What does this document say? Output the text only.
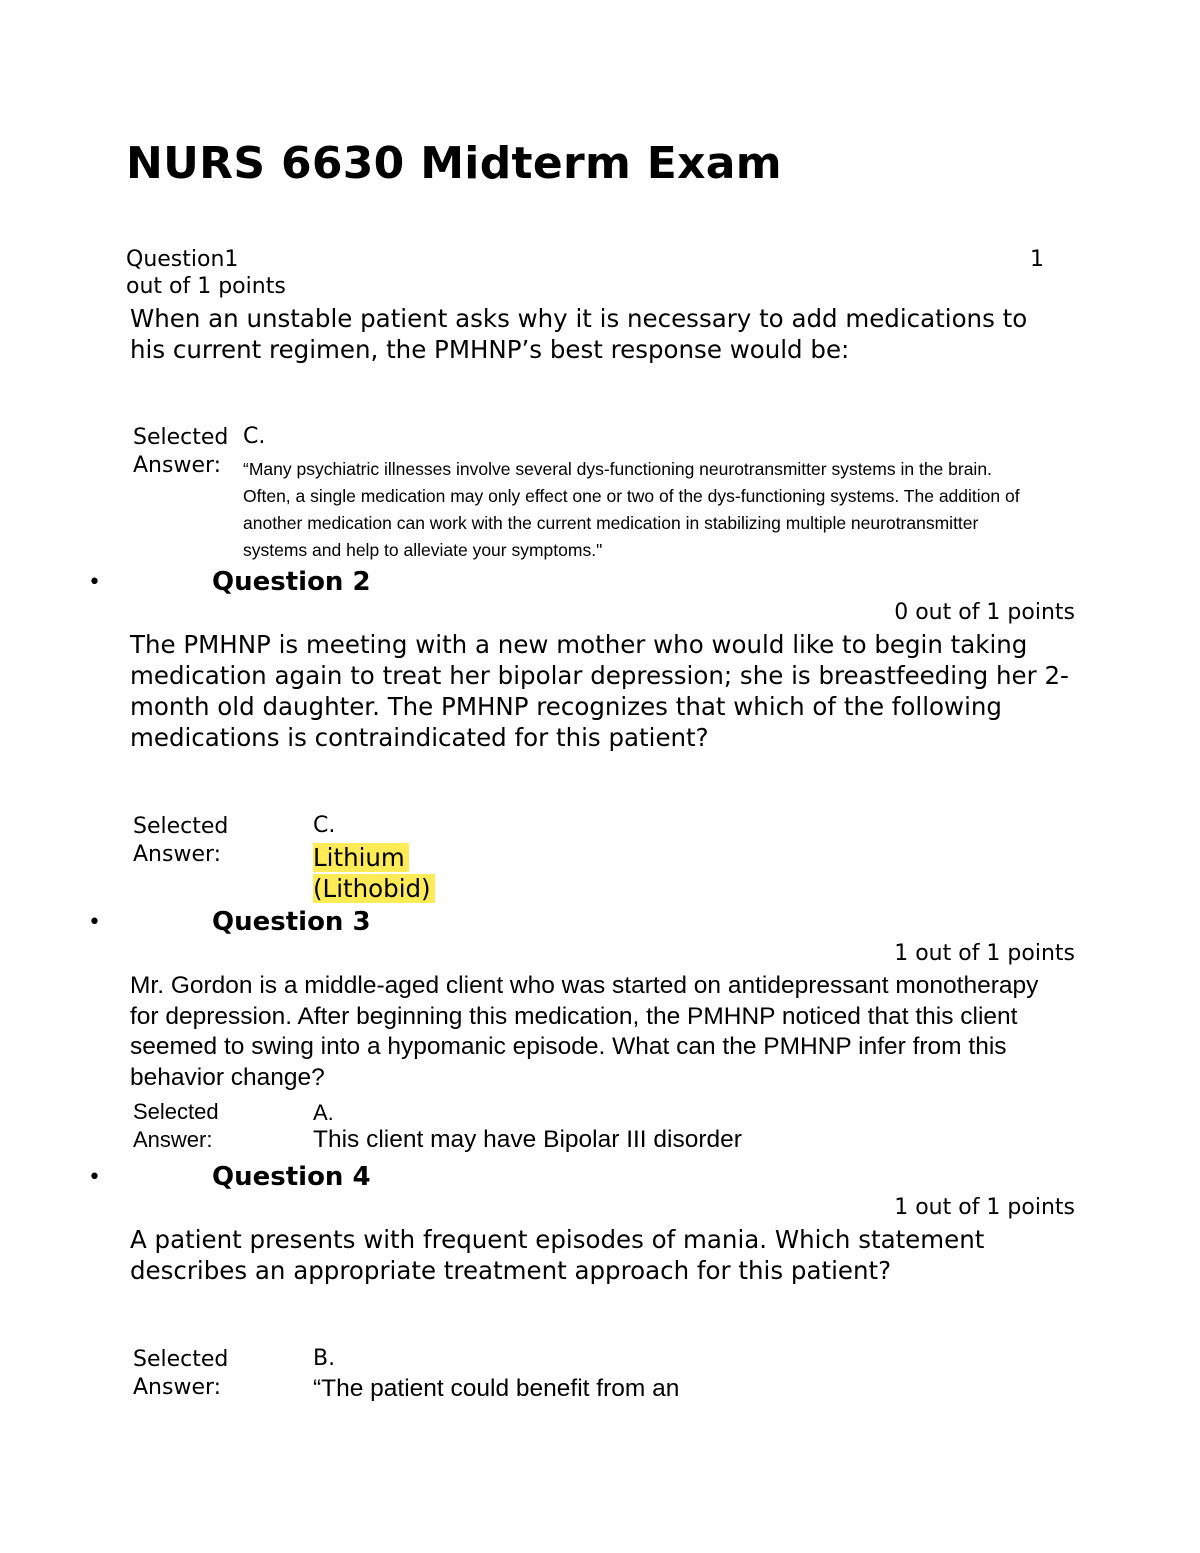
NURS 6630 Midterm Exam
Question1	1
out of 1 points
When an unstable patient asks why it is necessary to add medications to his current regimen, the PMHNP’s best response would be:
Selected
Answer:
C.
“Many psychiatric illnesses involve several dys-functioning neurotransmitter systems in the brain. Often, a single medication may only effect one or two of the dys-functioning systems. The addition of another medication can work with the current medication in stabilizing multiple neurotransmitter systems and help to alleviate your symptoms."
•	Question 2
0 out of 1 points
The PMHNP is meeting with a new mother who would like to begin taking medication again to treat her bipolar depression; she is breastfeeding her 2-month old daughter. The PMHNP recognizes that which of the following medications is contraindicated for this patient?
Selected
Answer:
C.
Lithium
(Lithobid)
•	Question 3
1 out of 1 points
Mr. Gordon is a middle-aged client who was started on antidepressant monotherapy for depression. After beginning this medication, the PMHNP noticed that this client seemed to swing into a hypomanic episode. What can the PMHNP infer from this behavior change?
Selected
Answer:
A.
This client may have Bipolar III disorder
•	Question 4
1 out of 1 points
A patient presents with frequent episodes of mania. Which statement describes an appropriate treatment approach for this patient?
Selected
Answer:
B.
“The patient could benefit from an
